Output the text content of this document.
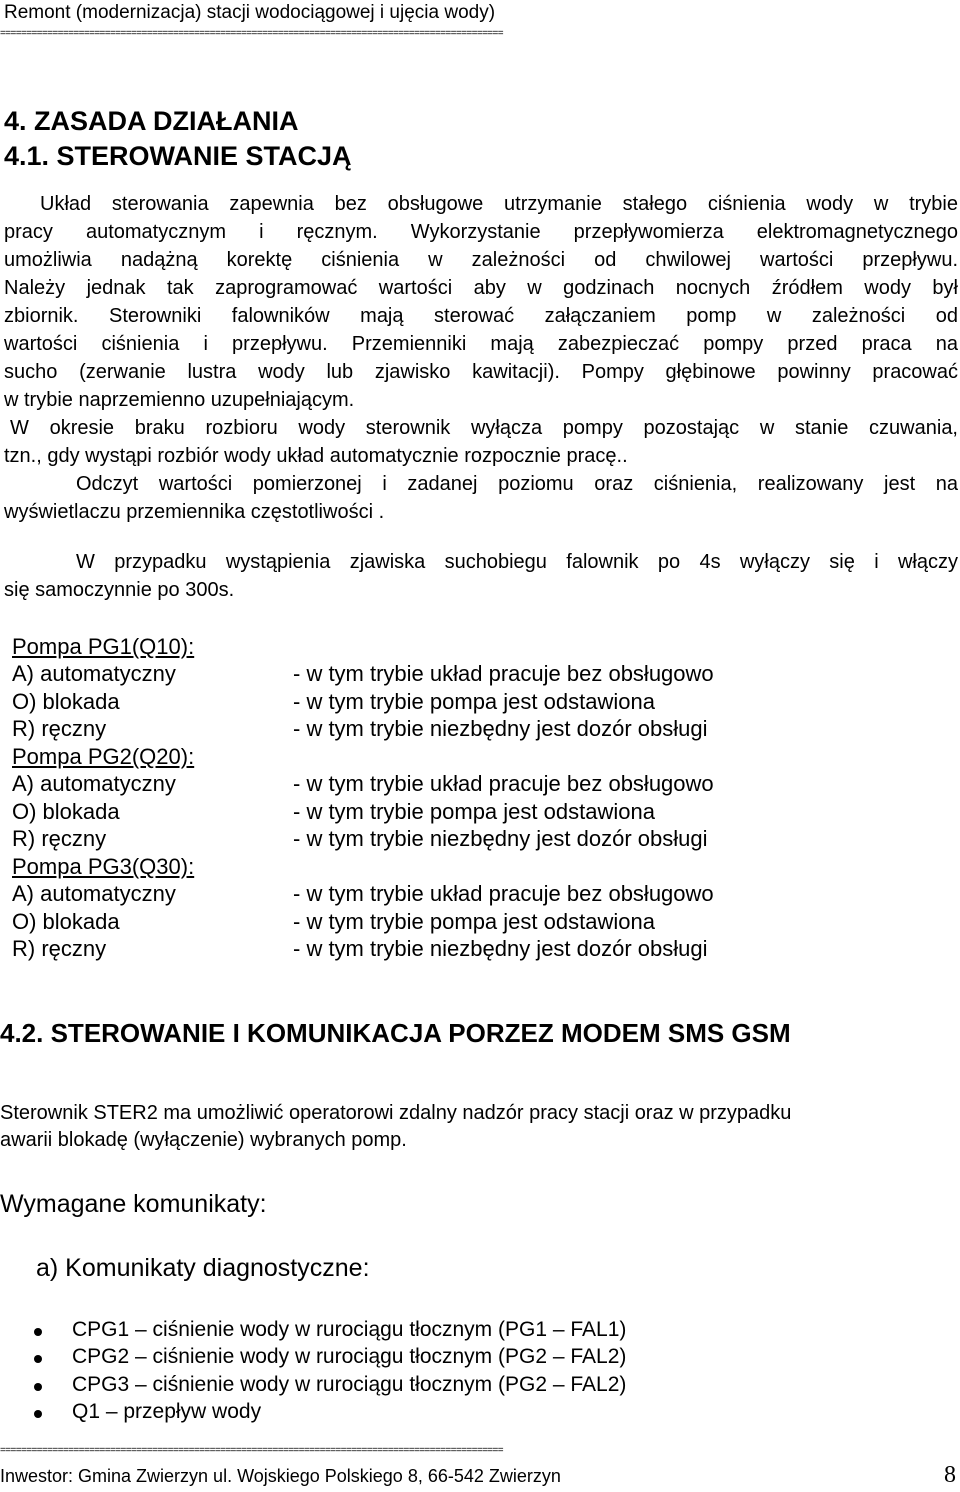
Remont (modernizacja) stacji wodociągowej i ujęcia wody)
================================================================================================
4. ZASADA DZIAŁANIA
4.1. STEROWANIE STACJĄ
Układ sterowania zapewnia bez obsługowe utrzymanie stałego ciśnienia wody w trybie
pracy automatycznym i ręcznym. Wykorzystanie przepływomierza elektromagnetycznego
umożliwia nadążną korektę ciśnienia w zależności od chwilowej wartości przepływu.
Należy jednak tak zaprogramować wartości aby w godzinach nocnych źródłem wody był
zbiornik. Sterowniki falowników mają sterować załączaniem pomp w zależności od
wartości ciśnienia i przepływu. Przemienniki mają zabezpieczać pompy przed praca na
sucho (zerwanie lustra wody lub zjawisko kawitacji). Pompy głębinowe powinny pracować
w trybie naprzemienno uzupełniającym.
W okresie braku rozbioru wody sterownik wyłącza pompy pozostając w stanie czuwania,
tzn., gdy wystąpi rozbiór wody układ automatycznie rozpocznie pracę..
Odczyt wartości pomierzonej i zadanej poziomu oraz ciśnienia, realizowany jest na
wyświetlaczu przemiennika częstotliwości .
W przypadku wystąpienia zjawiska suchobiegu falownik po 4s wyłączy się i włączy
się samoczynnie po 300s.
Pompa PG1(Q10):
A) automatyczny	- w tym trybie układ pracuje bez obsługowo
O) blokada	- w tym trybie pompa jest odstawiona
R) ręczny	- w tym trybie niezbędny jest dozór obsługi
Pompa PG2(Q20):
A) automatyczny	- w tym trybie układ pracuje bez obsługowo
O) blokada	- w tym trybie pompa jest odstawiona
R) ręczny	- w tym trybie niezbędny jest dozór obsługi
Pompa PG3(Q30):
A) automatyczny	- w tym trybie układ pracuje bez obsługowo
O) blokada	- w tym trybie pompa jest odstawiona
R) ręczny	- w tym trybie niezbędny jest dozór obsługi
4.2. STEROWANIE I KOMUNIKACJA PORZEZ MODEM SMS GSM
Sterownik STER2 ma umożliwić operatorowi zdalny nadzór pracy stacji oraz w przypadku
awarii blokadę (wyłączenie) wybranych pomp.
Wymagane komunikaty:
a) Komunikaty diagnostyczne:
CPG1 – ciśnienie wody w rurociągu tłocznym (PG1 – FAL1)
CPG2 – ciśnienie wody w rurociągu tłocznym (PG2 – FAL2)
CPG3 – ciśnienie wody w rurociągu tłocznym (PG2 – FAL2)
Q1 – przepływ wody
================================================================================================
Inwestor: Gmina Zwierzyn ul. Wojskiego Polskiego 8, 66-542 Zwierzyn	8
